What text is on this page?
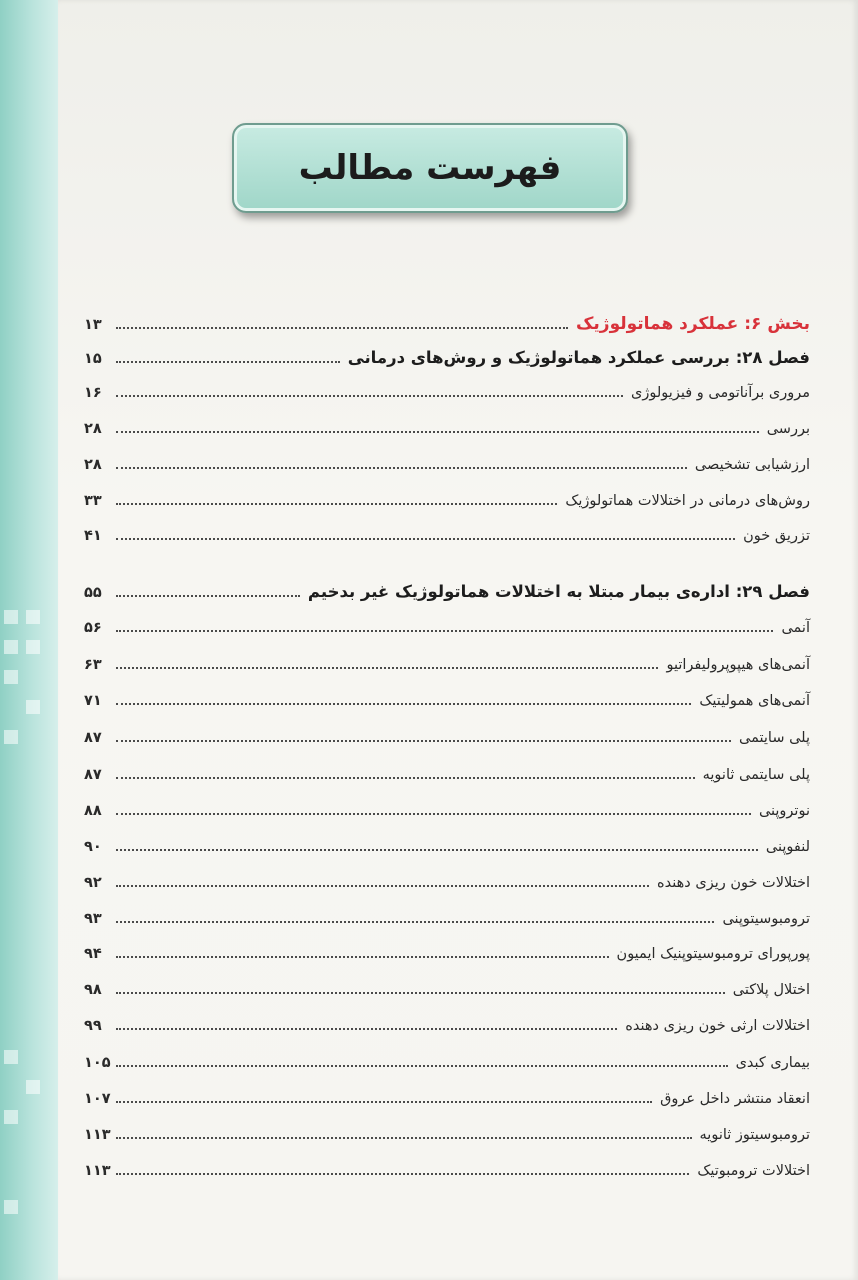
فهرست مطالب
بخش ۶: عملکرد هماتولوژیک
۱۳
فصل ۲۸: بررسی عملکرد هماتولوژیک و روش‌های درمانی
۱۵
مروری برآناتومی و فیزیولوژی
۱۶
بررسی
۲۸
ارزشیابی تشخیصی
۲۸
روش‌های درمانی در اختلالات هماتولوژیک
۳۳
تزریق خون
۴۱
فصل ۲۹: اداره‌ی بیمار مبتلا به اختلالات هماتولوژیک غیر بدخیم
۵۵
آنمی
۵۶
آنمی‌های هیپوپرولیفراتیو
۶۳
آنمی‌های همولیتیک
۷۱
پلی سایتمی
۸۷
پلی سایتمی ثانویه
۸۷
نوتروپنی
۸۸
لنفوپنی
۹۰
اختلالات خون ریزی دهنده
۹۲
ترومبوسیتوپنی
۹۳
پورپورای ترومبوسیتوپنیک ایمیون
۹۴
اختلال پلاکتی
۹۸
اختلالات ارثی خون ریزی دهنده
۹۹
بیماری کبدی
۱۰۵
انعقاد منتشر داخل عروق
۱۰۷
ترومبوسیتوز ثانویه
۱۱۳
اختلالات ترومبوتیک
۱۱۳
